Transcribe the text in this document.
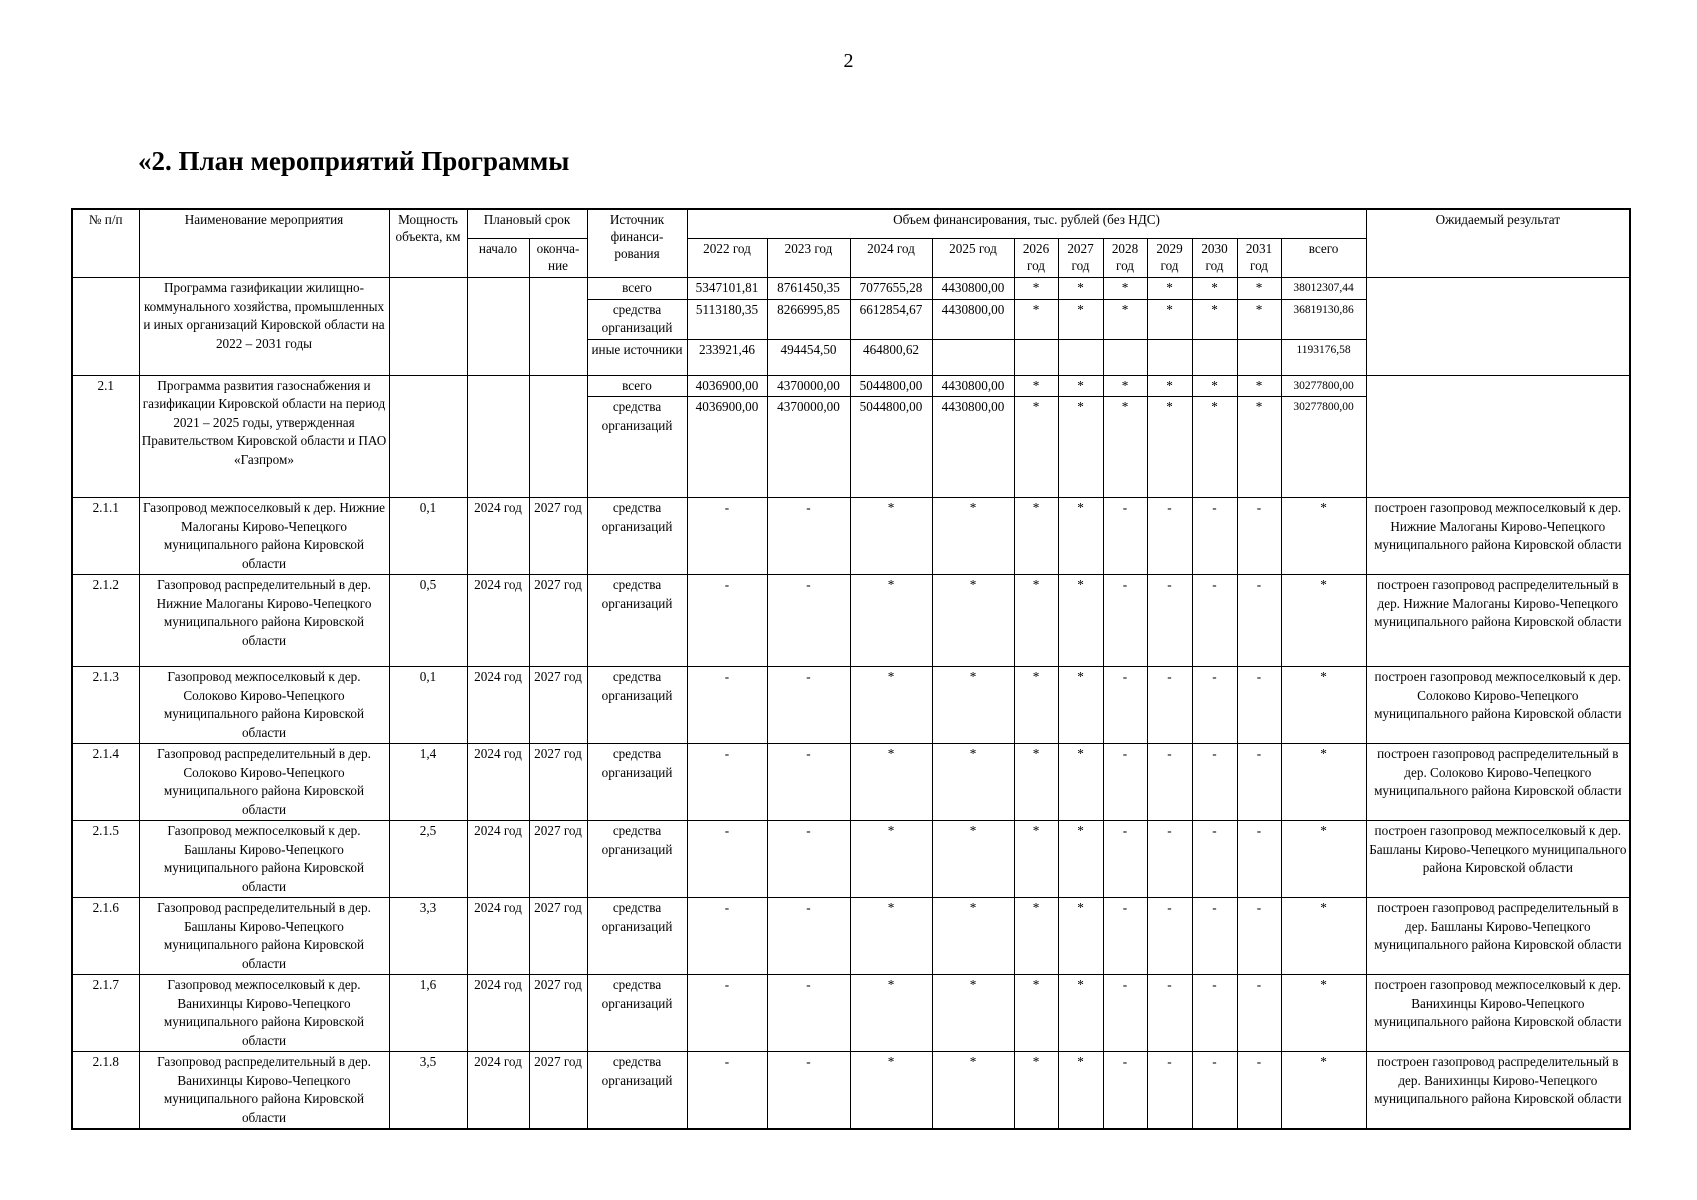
2
«2. План мероприятий Программы
№ п/п	Наименование мероприятия	Мощность объекта, км	Плановый срок		Источник финанси-рования	Объем финансирования, тыс. рублей (без НДС)											Ожидаемый результат
			начало	оконча-ние		2022 год	2023 год	2024 год	2025 год	2026 год	2027 год	2028 год	2029 год	2030 год	2031 год	всего	
	Программа газификации жилищно-коммунального хозяйства, промышленных и иных организаций Кировской области на 2022 – 2031 годы				всего	5347101,81	8761450,35	7077655,28	4430800,00	*	*	*	*	*	*	38012307,44	
					средства организаций	5113180,35	8266995,85	6612854,67	4430800,00	*	*	*	*	*	*	36819130,86	
					иные источники	233921,46	494454,50	464800,62								1193176,58	
2.1	Программа развития газоснабжения и газификации Кировской области на период 2021 – 2025 годы, утвержденная Правительством Кировской области и ПАО «Газпром»				всего	4036900,00	4370000,00	5044800,00	4430800,00	*	*	*	*	*	*	30277800,00	
					средства организаций	4036900,00	4370000,00	5044800,00	4430800,00	*	*	*	*	*	*	30277800,00	
2.1.1	Газопровод межпоселковый к дер. Нижние Малоганы Кирово-Чепецкого муниципального района Кировской области	0,1	2024 год	2027 год	средства организаций	-	-	*	*	*	*	-	-	-	-	*	построен газопровод межпоселковый к дер. Нижние Малоганы Кирово-Чепецкого муниципального района Кировской области
2.1.2	Газопровод распределительный в дер. Нижние Малоганы Кирово-Чепецкого муниципального района Кировской области	0,5	2024 год	2027 год	средства организаций	-	-	*	*	*	*	-	-	-	-	*	построен газопровод распределительный в дер. Нижние Малоганы Кирово-Чепецкого муниципального района Кировской области
2.1.3	Газопровод межпоселковый к дер. Солоково Кирово-Чепецкого муниципального района Кировской области	0,1	2024 год	2027 год	средства организаций	-	-	*	*	*	*	-	-	-	-	*	построен газопровод межпоселковый к дер. Солоково Кирово-Чепецкого муниципального района Кировской области
2.1.4	Газопровод распределительный в дер. Солоково Кирово-Чепецкого муниципального района Кировской области	1,4	2024 год	2027 год	средства организаций	-	-	*	*	*	*	-	-	-	-	*	построен газопровод распределительный в дер. Солоково Кирово-Чепецкого муниципального района Кировской области
2.1.5	Газопровод межпоселковый к дер. Башланы Кирово-Чепецкого муниципального района Кировской области	2,5	2024 год	2027 год	средства организаций	-	-	*	*	*	*	-	-	-	-	*	построен газопровод межпоселковый к дер. Башланы Кирово-Чепецкого муниципального района Кировской области
2.1.6	Газопровод распределительный в дер. Башланы Кирово-Чепецкого муниципального района Кировской области	3,3	2024 год	2027 год	средства организаций	-	-	*	*	*	*	-	-	-	-	*	построен газопровод распределительный в дер. Башланы Кирово-Чепецкого муниципального района Кировской области
2.1.7	Газопровод межпоселковый к дер. Ванихинцы Кирово-Чепецкого муниципального района Кировской области	1,6	2024 год	2027 год	средства организаций	-	-	*	*	*	*	-	-	-	-	*	построен газопровод межпоселковый к дер. Ванихинцы Кирово-Чепецкого муниципального района Кировской области
2.1.8	Газопровод распределительный в дер. Ванихинцы Кирово-Чепецкого муниципального района Кировской области	3,5	2024 год	2027 год	средства организаций	-	-	*	*	*	*	-	-	-	-	*	построен газопровод распределительный в дер. Ванихинцы Кирово-Чепецкого муниципального района Кировской области
